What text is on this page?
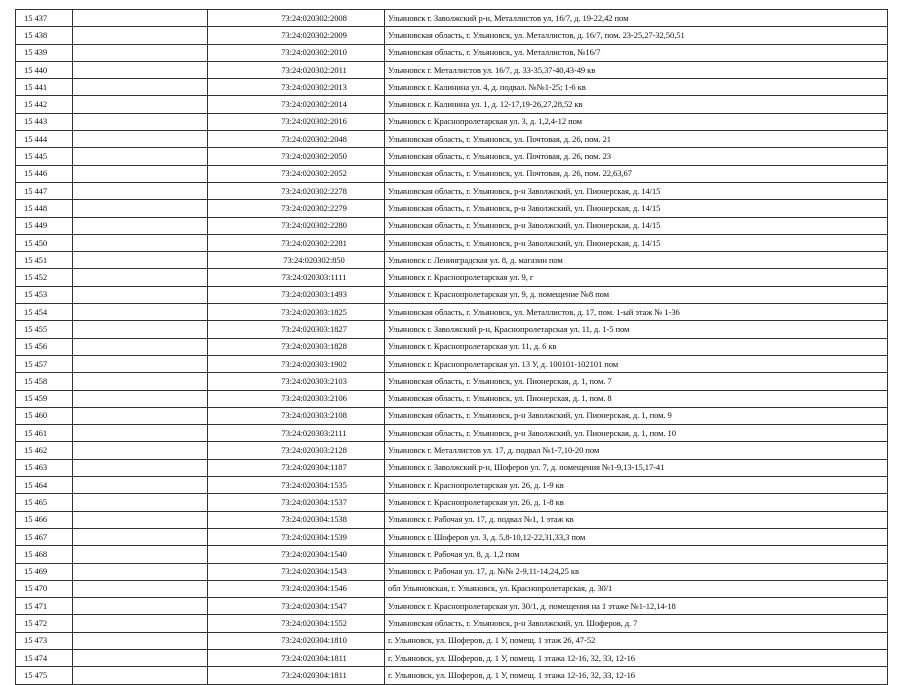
15 437		73:24:020302:2008	Ульяновск г. Заволжский р-н, Металлистов ул, 16/7, д. 19-22,42 пом
15 438		73:24:020302:2009	Ульяновская область, г. Ульяновск, ул. Металлистов, д. 16/7, пом. 23-25,27-32,50,51
15 439		73:24:020302:2010	Ульяновская область, г. Ульяновск, ул. Металлистов, №16/7
15 440		73:24:020302:2011	Ульяновск г. Металлистов ул. 16/7, д. 33-35,37-40,43-49 кв
15 441		73:24:020302:2013	Ульяновск г. Калинина ул. 4, д. подвал. №№1-25; 1-6 кв
15 442		73:24:020302:2014	Ульяновск г. Калинина ул. 1, д. 12-17,19-26,27,28,52 кв
15 443		73:24:020302:2016	Ульяновск г. Краснопролетарская ул. 3, д. 1,2,4-12 пом
15 444		73:24:020302:2048	Ульяновская область, г. Ульяновск, ул. Почтовая, д. 26, пом. 21
15 445		73:24:020302:2050	Ульяновская область, г. Ульяновск, ул. Почтовая, д. 26, пом. 23
15 446		73:24:020302:2052	Ульяновская область, г. Ульяновск, ул. Почтовая, д. 26, пом. 22,63,67
15 447		73:24:020302:2278	Ульяновская область, г. Ульяновск, р-н Заволжский, ул. Пионерская, д. 14/15
15 448		73:24:020302:2279	Ульяновская область, г. Ульяновск, р-н Заволжский, ул. Пионерская, д. 14/15
15 449		73:24:020302:2280	Ульяновская область, г. Ульяновск, р-н Заволжский, ул. Пионерская, д. 14/15
15 450		73:24:020302:2281	Ульяновская область, г. Ульяновск, р-н Заволжский, ул. Пионерская, д. 14/15
15 451		73:24:020302:850	Ульяновск г. Ленинградская ул. 8, д. магазин пом
15 452		73:24:020303:1111	Ульяновск г. Краснопролетарская ул. 9, г
15 453		73:24:020303:1493	Ульяновск г. Краснопролетарская ул. 9, д. помещение №8 пом
15 454		73:24:020303:1825	Ульяновская область, г. Ульяновск, ул. Металлистов, д. 17, пом. 1-ый этаж № 1-36
15 455		73:24:020303:1827	Ульяновск г. Заволжский р-н, Краснопролетарская ул. 11, д. 1-5 пом
15 456		73:24:020303:1828	Ульяновск г. Краснопролетарская ул. 11, д. 6 кв
15 457		73:24:020303:1902	Ульяновск г. Краснопролетарская ул. 13 У, д. 100101-102101 пом
15 458		73:24:020303:2103	Ульяновская область, г. Ульяновск, ул. Пионерская, д. 1, пом. 7
15 459		73:24:020303:2106	Ульяновская область, г. Ульяновск, ул. Пионерская, д. 1, пом. 8
15 460		73:24:020303:2108	Ульяновская область, г. Ульяновск, р-н Заволжский, ул. Пионерская, д. 1, пом. 9
15 461		73:24:020303:2111	Ульяновская область, г. Ульяновск, р-н Заволжский, ул. Пионерская, д. 1, пом. 10
15 462		73:24:020303:2128	Ульяновск г. Металлистов ул. 17, д. подвал №1-7,10-20 пом
15 463		73:24:020304:1187	Ульяновск г. Заволжский р-н, Шоферов ул. 7, д. помещения №1-9,13-15,17-41
15 464		73:24:020304:1535	Ульяновск г. Краснопролетарская ул. 26, д. 1-9 кв
15 465		73:24:020304:1537	Ульяновск г. Краснопролетарская ул. 26, д. 1-8 кв
15 466		73:24:020304:1538	Ульяновск г. Рабочая ул. 17, д. подвал №1, 1 этаж кв
15 467		73:24:020304:1539	Ульяновск г. Шоферов ул. 3, д. 5,8-10,12-22,31,33,3 пом
15 468		73:24:020304:1540	Ульяновск г. Рабочая ул. 8, д. 1,2 пом
15 469		73:24:020304:1543	Ульяновск г. Рабочая ул. 17, д. №№ 2-9,11-14,24,25 кв
15 470		73:24:020304:1546	обл Ульяновская, г. Ульяновск, ул. Краснопролетарская, д. 30/1
15 471		73:24:020304:1547	Ульяновск г. Краснопролетарская ул. 30/1, д. помещения на 1 этаже №1-12,14-18
15 472		73:24:020304:1552	Ульяновская область, г. Ульяновск, р-н Заволжский, ул. Шоферов, д. 7
15 473		73:24:020304:1810	г. Ульяновск, ул. Шоферов, д. 1 У, помещ. 1 этаж 26, 47-52
15 474		73:24:020304:1811	г. Ульяновск, ул. Шоферов, д. 1 У, помещ. 1 этажа 12-16, 32, 33, 12-16
15 475		73:24:020304:1811	г. Ульяновск, ул. Шоферов, д. 1 У, помещ. 1 этажа 12-16, 32, 33, 12-16
